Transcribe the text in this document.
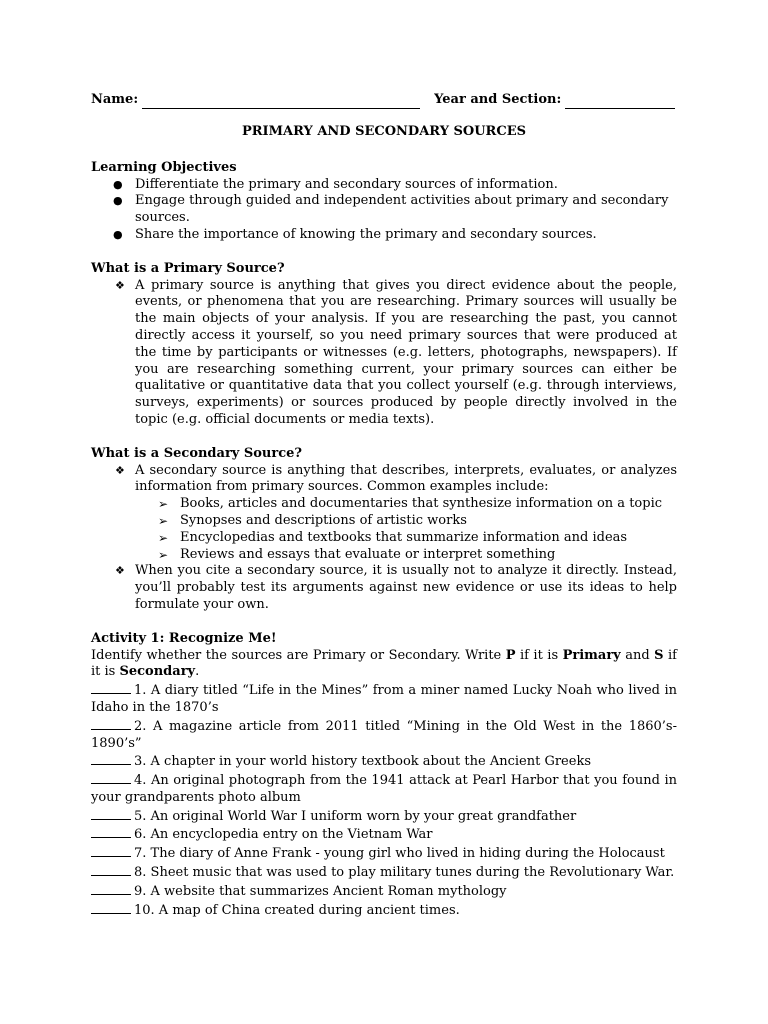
Name:	Year and Section:
PRIMARY AND SECONDARY SOURCES
Learning Objectives
● Differentiate the primary and secondary sources of information.
● Engage through guided and independent activities about primary and secondary sources.
● Share the importance of knowing the primary and secondary sources.
What is a Primary Source?
❖ A primary source is anything that gives you direct evidence about the people, events, or phenomena that you are researching. Primary sources will usually be the main objects of your analysis. If you are researching the past, you cannot directly access it yourself, so you need primary sources that were produced at the time by participants or witnesses (e.g. letters, photographs, newspapers). If you are researching something current, your primary sources can either be qualitative or quantitative data that you collect yourself (e.g. through interviews, surveys, experiments) or sources produced by people directly involved in the topic (e.g. official documents or media texts).
What is a Secondary Source?
❖ A secondary source is anything that describes, interprets, evaluates, or analyzes information from primary sources. Common examples include:
➢ Books, articles and documentaries that synthesize information on a topic
➢ Synopses and descriptions of artistic works
➢ Encyclopedias and textbooks that summarize information and ideas
➢ Reviews and essays that evaluate or interpret something
❖ When you cite a secondary source, it is usually not to analyze it directly. Instead, you’ll probably test its arguments against new evidence or use its ideas to help formulate your own.
Activity 1: Recognize Me!
Identify whether the sources are Primary or Secondary. Write P if it is Primary and S if it is Secondary.
1. A diary titled “Life in the Mines” from a miner named Lucky Noah who lived in Idaho in the 1870’s
2. A magazine article from 2011 titled “Mining in the Old West in the 1860’s-1890’s”
3. A chapter in your world history textbook about the Ancient Greeks
4. An original photograph from the 1941 attack at Pearl Harbor that you found in your grandparents photo album
5. An original World War I uniform worn by your great grandfather
6. An encyclopedia entry on the Vietnam War
7. The diary of Anne Frank - young girl who lived in hiding during the Holocaust
8. Sheet music that was used to play military tunes during the Revolutionary War.
9. A website that summarizes Ancient Roman mythology
10. A map of China created during ancient times.
